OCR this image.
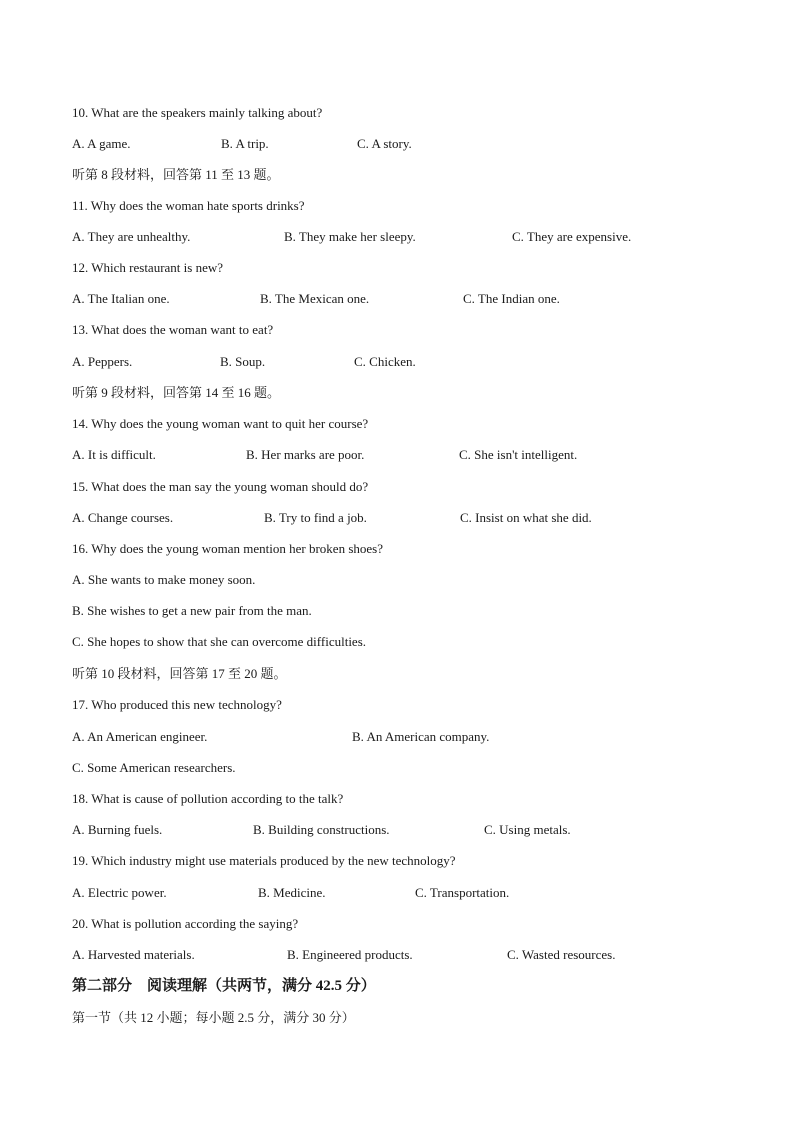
10. What are the speakers mainly talking about?
A. A game.	B. A trip.	C. A story.
听第 8 段材料，回答第 11 至 13 题。
11. Why does the woman hate sports drinks?
A. They are unhealthy.	B. They make her sleepy.	C. They are expensive.
12. Which restaurant is new?
A. The Italian one.	B. The Mexican one.	C. The Indian one.
13. What does the woman want to eat?
A. Peppers.	B. Soup.	C. Chicken.
听第 9 段材料，回答第 14 至 16 题。
14. Why does the young woman want to quit her course?
A. It is difficult.	B. Her marks are poor.	C. She isn't intelligent.
15. What does the man say the young woman should do?
A. Change courses.	B. Try to find a job.	C. Insist on what she did.
16. Why does the young woman mention her broken shoes?
A. She wants to make money soon.
B. She wishes to get a new pair from the man.
C. She hopes to show that she can overcome difficulties.
听第 10 段材料，回答第 17 至 20 题。
17. Who produced this new technology?
A. An American engineer.	B. An American company.
C. Some American researchers.
18. What is cause of pollution according to the talk?
A. Burning fuels.	B. Building constructions.	C. Using metals.
19. Which industry might use materials produced by the new technology?
A. Electric power.	B. Medicine.	C. Transportation.
20. What is pollution according the saying?
A. Harvested materials.	B. Engineered products.	C. Wasted resources.
第二部分　阅读理解（共两节，满分 42.5 分）
第一节（共 12 小题；每小题 2.5 分，满分 30 分）
